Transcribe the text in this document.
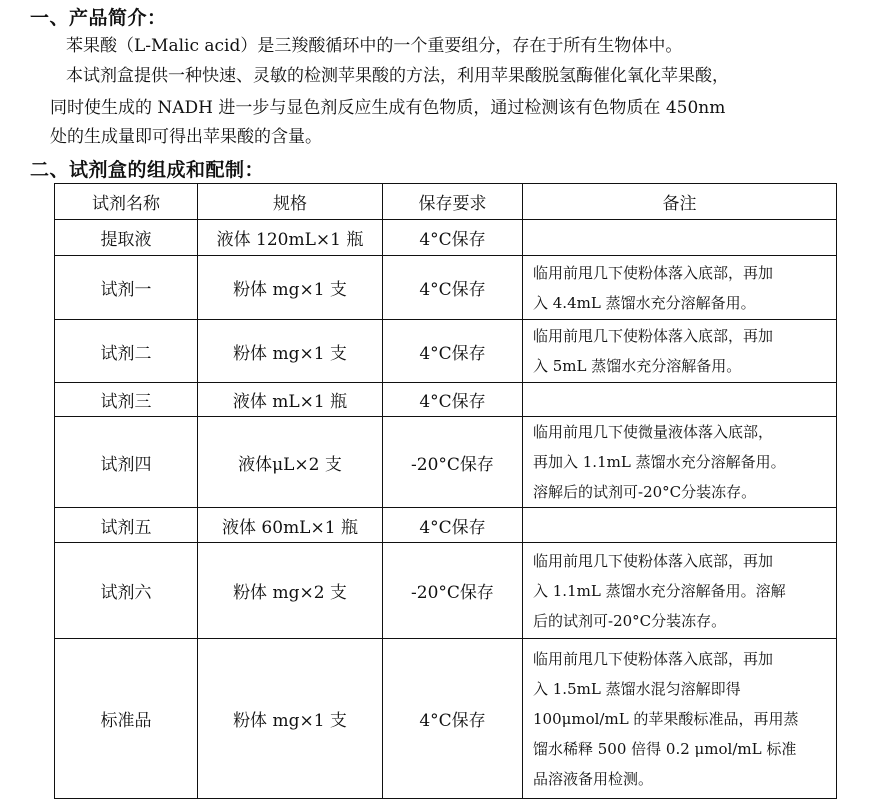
一、产品简介：
苯果酸（L-Malic acid）是三羧酸循环中的一个重要组分，存在于所有生物体中。
本试剂盒提供一种快速、灵敏的检测苹果酸的方法，利用苹果酸脱氢酶催化氧化苹果酸，
同时使生成的 NADH 进一步与显色剂反应生成有色物质，通过检测该有色物质在 450nm
处的生成量即可得出苹果酸的含量。
二、试剂盒的组成和配制：
试剂名称	规格	保存要求	备注
提取液	液体 120mL×1 瓶	4°C保存	
试剂一	粉体 mg×1 支	4°C保存	临用前甩几下使粉体落入底部，再加
入 4.4mL 蒸馏水充分溶解备用。

试剂二	粉体 mg×1 支	4°C保存	临用前甩几下使粉体落入底部，再加
入 5mL 蒸馏水充分溶解备用。

试剂三	液体 mL×1 瓶	4°C保存	
试剂四	液体μL×2 支	-20°C保存	临用前甩几下使微量液体落入底部，
再加入 1.1mL 蒸馏水充分溶解备用。
溶解后的试剂可-20°C分装冻存。

试剂五	液体 60mL×1 瓶	4°C保存	
试剂六	粉体 mg×2 支	-20°C保存	临用前甩几下使粉体落入底部，再加
入 1.1mL 蒸馏水充分溶解备用。溶解
后的试剂可-20°C分装冻存。

标准品	粉体 mg×1 支	4°C保存	临用前甩几下使粉体落入底部，再加
入 1.5mL 蒸馏水混匀溶解即得
100μmol/mL 的苹果酸标准品，再用蒸
馏水稀释 500 倍得 0.2 μmol/mL 标准
品溶液备用检测。
